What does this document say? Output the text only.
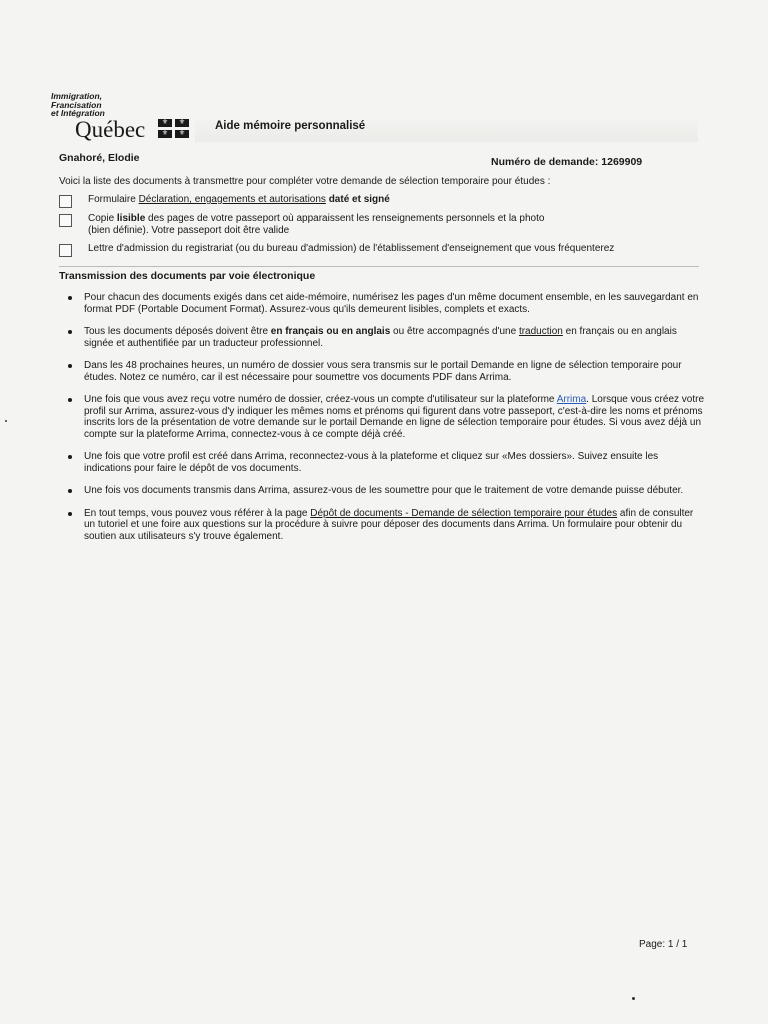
Immigration,
Francisation
et Intégration
Québec	⚜	⚜
⚜	⚜
Aide mémoire personnalisé
Gnahoré, Elodie	Numéro de demande: 1269909
Voici la liste des documents à transmettre pour compléter votre demande de sélection temporaire pour études :
Formulaire Déclaration, engagements et autorisations daté et signé
Copie lisible des pages de votre passeport où apparaissent les renseignements personnels et la photo (bien définie). Votre passeport doit être valide
Lettre d'admission du registrariat (ou du bureau d'admission) de l'établissement d'enseignement que vous fréquenterez
Transmission des documents par voie électronique
Pour chacun des documents exigés dans cet aide-mémoire, numérisez les pages d'un même document ensemble, en les sauvegardant en format PDF (Portable Document Format). Assurez-vous qu'ils demeurent lisibles, complets et exacts.
Tous les documents déposés doivent être en français ou en anglais ou être accompagnés d'une traduction en français ou en anglais signée et authentifiée par un traducteur professionnel.
Dans les 48 prochaines heures, un numéro de dossier vous sera transmis sur le portail Demande en ligne de sélection temporaire pour études. Notez ce numéro, car il est nécessaire pour soumettre vos documents PDF dans Arrima.
Une fois que vous avez reçu votre numéro de dossier, créez-vous un compte d'utilisateur sur la plateforme Arrima. Lorsque vous créez votre profil sur Arrima, assurez-vous d'y indiquer les mêmes noms et prénoms qui figurent dans votre passeport, c'est-à-dire les noms et prénoms inscrits lors de la présentation de votre demande sur le portail Demande en ligne de sélection temporaire pour études. Si vous avez déjà un compte sur la plateforme Arrima, connectez-vous à ce compte déjà créé.
Une fois que votre profil est créé dans Arrima, reconnectez-vous à la plateforme et cliquez sur «Mes dossiers». Suivez ensuite les indications pour faire le dépôt de vos documents.
Une fois vos documents transmis dans Arrima, assurez-vous de les soumettre pour que le traitement de votre demande puisse débuter.
En tout temps, vous pouvez vous référer à la page Dépôt de documents - Demande de sélection temporaire pour études afin de consulter un tutoriel et une foire aux questions sur la procédure à suivre pour déposer des documents dans Arrima. Un formulaire pour obtenir du soutien aux utilisateurs s'y trouve également.
Page: 1 / 1
